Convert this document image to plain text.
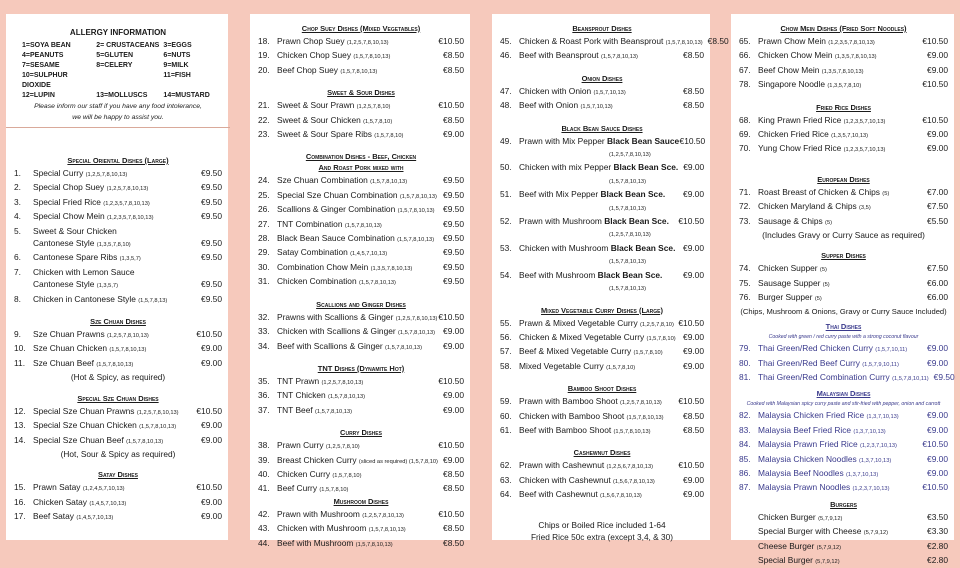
ALLERGY INFORMATION
1=SOYA BEAN	2= CRUSTACEANS 3=EGGS
4=PEANUTS	5=GLUTEN	6=NUTS
7=SESAME	8=CELERY	9=MILK
10=SULPHUR DIOXIDE
11=FISH
12=LUPIN	13=MOLLUSCS	14=MUSTARD
Please inform our staff if you have any food intolerance,
we will be happy to assist you.
Special Oriental Dishes (Large)
1.	Special Curry (1,2,5,7,8,10,13)	€9.50
2.	Special Chop Suey (1,2,5,7,8,10,13)	€9.50
3.	Special Fried Rice (1,2,3,5,7,8,10,13)	€9.50
4.	Special Chow Mein (1,2,3,5,7,8,10,13)	€9.50
5.	Sweet & Sour Chicken
Cantonese Style (1,3,5,7,8,10)	€9.50
6.	Cantonese Spare Ribs (1,3,5,7)	€9.50
7.	Chicken with Lemon Sauce
Cantonese Style (1,3,5,7)	€9.50
8.	Chicken in Cantonese Style (1,5,7,8,13)	€9.50
Sze Chuan Dishes
9.	Sze Chuan Prawns (1,2,5,7,8,10,13)	€10.50
10. Sze Chuan Chicken (1,5,7,8,10,13)	€9.00
11. Sze Chuan Beef (1,5,7,8,10,13)	€9.00
(Hot & Spicy, as required)
Special Sze Chuan Dishes
12. Special Sze Chuan Prawns (1,2,5,7,8,10,13)	€10.50
13. Special Sze Chuan Chicken (1,5,7,8,10,13)	€9.00
14. Special Sze Chuan Beef (1,5,7,8,10,13)	€9.00
(Hot, Sour & Spicy as required)
Satay Dishes
15. Prawn Satay (1,2,4,5,7,10,13)	€10.50
16. Chicken Satay (1,4,5,7,10,13)	€9.00
17. Beef Satay (1,4,5,7,10,13)	€9.00
Chop Suey Dishes (Mixed Vegetables)
18. Prawn Chop Suey (1,2,5,7,8,10,13)	€10.50
19. Chicken Chop Suey (1,5,7,8,10,13)	€8.50
20. Beef Chop Suey (1,5,7,8,10,13)	€8.50
Sweet & Sour Dishes
21. Sweet & Sour Prawn (1,2,5,7,8,10)	€10.50
22. Sweet & Sour Chicken (1,5,7,8,10)	€8.50
23. Sweet & Sour Spare Ribs (1,5,7,8,10)	€9.00
Combination Dishes - Beef, Chicken
And Roast Pork mixed with
24. Sze Chuan Combination (1,5,7,8,10,13)	€9.50
25. Special Sze Chuan Combination (1,5,7,8,10,13) €9.50
26. Scallions & Ginger Combination (1,5,7,8,10,13)	€9.50
27. TNT Combination (1,5,7,8,10,13)	€9.50
28. Black Bean Sauce Combination (1,5,7,8,10,13)	€9.50
29. Satay Combination (1,4,5,7,10,13)	€9.50
30. Combination Chow Mein (1,3,5,7,8,10,13)	€9.50
31. Chicken Combination (1,5,7,8,10,13)	€9.50
Scallions and Ginger Dishes
32. Prawns with Scallions & Ginger (1,2,5,7,8,10,13) €10.50
33. Chicken with Scallions & Ginger (1,5,7,8,10,13) €9.00
34. Beef with Scallions & Ginger (1,5,7,8,10,13)	€9.00
TNT Dishes (Dynamite Hot)
35. TNT Prawn (1,2,5,7,8,10,13)	€10.50
36. TNT Chicken (1,5,7,8,10,13)	€9.00
37. TNT Beef (1,5,7,8,10,13)	€9.00
Curry Dishes
38. Prawn Curry (1,2,5,7,8,10)	€10.50
39. Breast Chicken Curry (sliced as required) (1,5,7,8,10) €9.00
40. Chicken Curry (1,5,7,8,10)	€8.50
41. Beef Curry (1,5,7,8,10)	€8.50
Mushroom Dishes
42. Prawn with Mushroom (1,2,5,7,8,10,13)	€10.50
43. Chicken with Mushroom (1,5,7,8,10,13)	€8.50
44. Beef with Mushroom (1,5,7,8,10,13)	€8.50
Beansprout Dishes
45. Chicken & Roast Pork with Beansprout (1,5,7,8,10,13) €8.50
46. Beef with Beansprout (1,5,7,8,10,13)	€8.50
Onion Dishes
47. Chicken with Onion (1,5,7,10,13)	€8.50
48. Beef with Onion (1,5,7,10,13)	€8.50
Black Bean Sauce Dishes
49. Prawn with Mix Pepper Black Bean Sauce €10.50
(1,2,5,7,8,10,13)
50. Chicken with mix Pepper Black Bean Sce. €9.00
(1,5,7,8,10,13)
51. Beef with Mix Pepper Black Bean Sce.	€9.00
(1,5,7,8,10,13)
52. Prawn with Mushroom Black Bean Sce.	€10.50
(1,2,5,7,8,10,13)
53. Chicken with Mushroom Black Bean Sce. €9.00
(1,5,7,8,10,13)
54. Beef with Mushroom Black Bean Sce.	€9.00
(1,5,7,8,10,13)
Mixed Vegetable Curry Dishes (Large)
55. Prawn & Mixed Vegetable Curry (1,2,5,7,8,10) €10.50
56. Chicken & Mixed Vegetable Curry (1,5,7,8,10) €9.00
57. Beef & Mixed Vegetable Curry (1,5,7,8,10)	€9.00
58. Mixed Vegetable Curry (1,5,7,8,10)	€9.00
Bamboo Shoot Dishes
59. Prawn with Bamboo Shoot (1,2,5,7,8,10,13)	€10.50
60. Chicken with Bamboo Shoot (1,5,7,8,10,13)	€8.50
61. Beef with Bamboo Shoot (1,5,7,8,10,13)	€8.50
Cashewnut Dishes
62. Prawn with Cashewnut (1,2,5,6,7,8,10,13)	€10.50
63. Chicken with Cashewnut (1,5,6,7,8,10,13)	€9.00
64. Beef with Cashewnut (1,5,6,7,8,10,13)	€9.00
Chips or Boiled Rice included 1-64
Fried Rice 50c extra (except 3,4, & 30)
Chow Mein Dishes (Fried Soft Noodles)
65. Prawn Chow Mein (1,2,3,5,7,8,10,13)	€10.50
66. Chicken Chow Mein (1,3,5,7,8,10,13)	€9.00
67. Beef Chow Mein (1,3,5,7,8,10,13)	€9.00
78. Singapore Noodle (1,3,5,7,8,10)	€10.50
Fried Rice Dishes
68. King Prawn Fried Rice (1,2,3,5,7,10,13)	€10.50
69. Chicken Fried Rice (1,3,5,7,10,13)	€9.00
70. Yung Chow Fried Rice (1,2,3,5,7,10,13)	€9.00
European Dishes
71. Roast Breast of Chicken & Chips (5)	€7.00
72. Chicken Maryland & Chips (3,5)	€7.50
73. Sausage & Chips (5)	€5.50
(Includes Gravy or Curry Sauce as required)
Supper Dishes
74. Chicken Supper (5)	€7.50
75. Sausage Supper (5)	€6.00
76. Burger Supper (5)	€6.00
(Chips, Mushroom & Onions, Gravy or Curry Sauce Included)
Thai Dishes
Cooked with green / red curry paste with a strong coconut flavour
79. Thai Green/Red Chicken Curry (1,5,7,10,11)	€9.00
80. Thai Green/Red Beef Curry (1,5,7,9,10,11)	€9.00
81. Thai Green/Red Combination Curry (1,5,7,8,10,11) €9.50
Malaysian Dishes
Cooked with Malaysian spicy curry paste and stir-fried with pepper, onion and carrott
82. Malaysia Chicken Fried Rice (1,3,7,10,13)	€9.00
83. Malaysia Beef Fried Rice (1,3,7,10,13)	€9.00
84. Malaysia Prawn Fried Rice (1,2,3,7,10,13)	€10.50
85. Malaysia Chicken Noodles (1,3,7,10,13)	€9.00
86. Malaysia Beef Noodles (1,3,7,10,13)	€9.00
87. Malaysia Prawn Noodles (1,2,3,7,10,13)	€10.50
Burgers
Chicken Burger (5,7,9,12)	€3.50
Special Burger with Cheese (5,7,9,12)	€3.30
Cheese Burger (5,7,9,12)	€2.80
Special Burger (5,7,9,12)	€2.80
